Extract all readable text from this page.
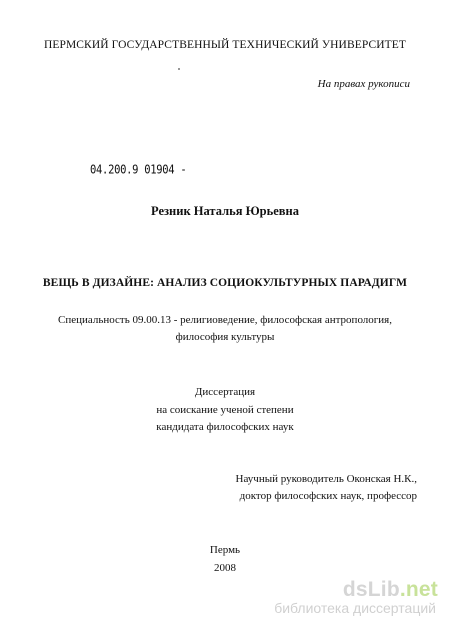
ПЕРМСКИЙ ГОСУДАРСТВЕННЫЙ ТЕХНИЧЕСКИЙ УНИВЕРСИТЕТ
На правах рукописи
04.200.9 01904 -
Резник Наталья Юрьевна
ВЕЩЬ В ДИЗАЙНЕ: АНАЛИЗ СОЦИОКУЛЬТУРНЫХ ПАРАДИГМ
Специальность 09.00.13 - религиоведение, философская антропология,
философия культуры
Диссертация
на соискание ученой степени
кандидата философских наук
Научный руководитель Оконская Н.К.,
доктор философских наук, профессор
Пермь
2008
dsLib.net
библиотека диссертаций
